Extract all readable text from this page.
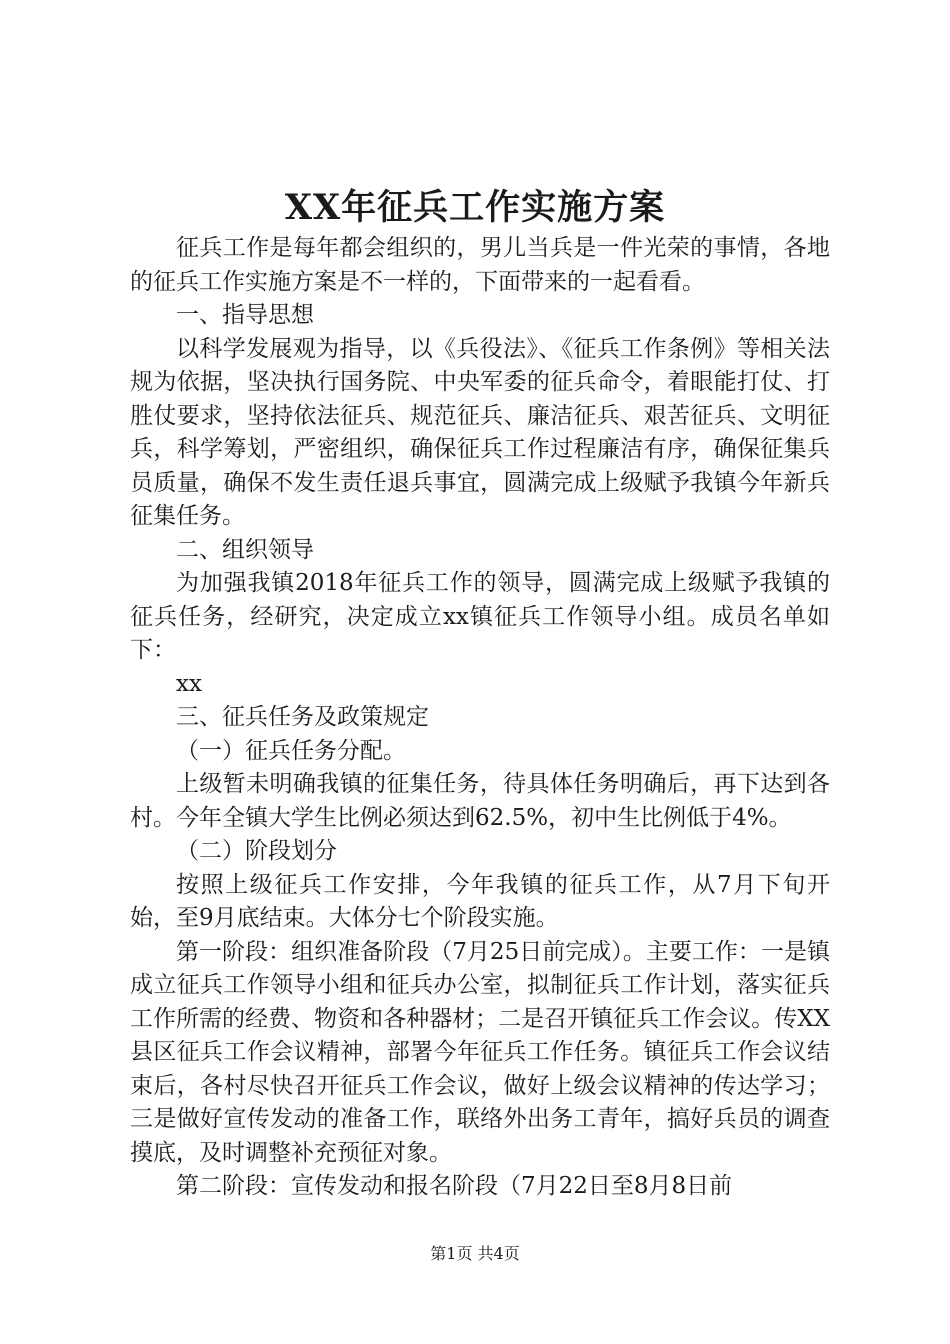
XX年征兵工作实施方案

征兵工作是每年都会组织的，男儿当兵是一件光荣的事情，各地的征兵工作实施方案是不一样的，下面带来的一起看看。

一、指导思想

以科学发展观为指导，以《兵役法》、《征兵工作条例》等相关法规为依据，坚决执行国务院、中央军委的征兵命令，着眼能打仗、打胜仗要求，坚持依法征兵、规范征兵、廉洁征兵、艰苦征兵、文明征兵，科学筹划，严密组织，确保征兵工作过程廉洁有序，确保征集兵员质量，确保不发生责任退兵事宜，圆满完成上级赋予我镇今年新兵征集任务。

二、组织领导

为加强我镇2018年征兵工作的领导，圆满完成上级赋予我镇的征兵任务，经研究，决定成立xx镇征兵工作领导小组。成员名单如下：

xx

三、征兵任务及政策规定

（一）征兵任务分配。

上级暂未明确我镇的征集任务，待具体任务明确后，再下达到各村。今年全镇大学生比例必须达到62.5%，初中生比例低于4%。

（二）阶段划分

按照上级征兵工作安排，今年我镇的征兵工作，从7月下旬开始，至9月底结束。大体分七个阶段实施。

第一阶段：组织准备阶段（7月25日前完成）。主要工作：一是镇成立征兵工作领导小组和征兵办公室，拟制征兵工作计划，落实征兵工作所需的经费、物资和各种器材；二是召开镇征兵工作会议。传XX县区征兵工作会议精神，部署今年征兵工作任务。镇征兵工作会议结束后，各村尽快召开征兵工作会议，做好上级会议精神的传达学习；三是做好宣传发动的准备工作，联络外出务工青年，搞好兵员的调查摸底，及时调整补充预征对象。

第二阶段：宣传发动和报名阶段（7月22日至8月8日前

第1页 共4页
